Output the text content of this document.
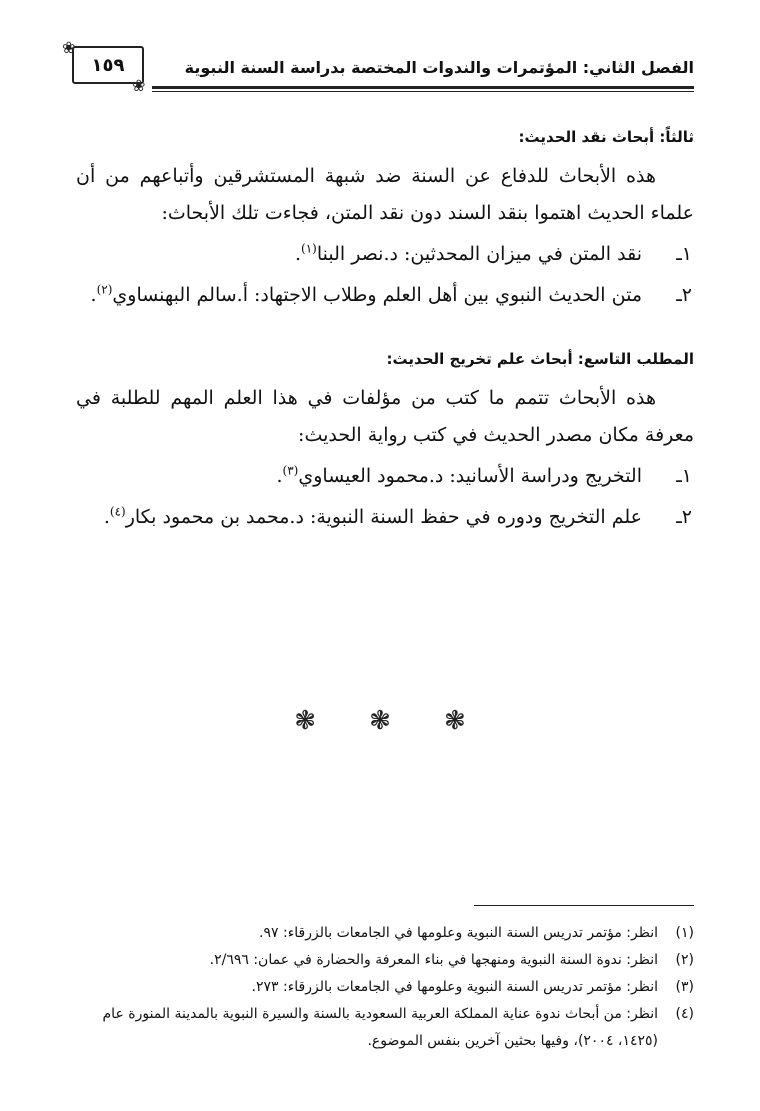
❀
١٥٩
❀
الفصل الثاني: المؤتمرات والندوات المختصة بدراسة السنة النبوية
ثالثاً: أبحاث نقد الحديث:

هذه الأبحاث للدفاع عن السنة ضد شبهة المستشرقين وأتباعهم من أن علماء الحديث اهتموا بنقد السند دون نقد المتن، فجاءت تلك الأبحاث:

١ـ
نقد المتن في ميزان المحدثين: د.نصر البنا$^{(١)}$.
٢ـ
متن الحديث النبوي بين أهل العلم وطلاب الاجتهاد: أ.سالم البهنساوي$^{(٢)}$.
المطلب التاسع: أبحاث علم تخريج الحديث:

هذه الأبحاث تتمم ما كتب من مؤلفات في هذا العلم المهم للطلبة في معرفة مكان مصدر الحديث في كتب رواية الحديث:

١ـ
التخريج ودراسة الأسانيد: د.محمود العيساوي$^{(٣)}$.
٢ـ
علم التخريج ودوره في حفظ السنة النبوية: د.محمد بن محمود بكار$^{(٤)}$.
❃ ❃ ❃
(١)
انظر: مؤتمر تدريس السنة النبوية وعلومها في الجامعات بالزرقاء: ٩٧.
(٢)
انظر: ندوة السنة النبوية ومنهجها في بناء المعرفة والحضارة في عمان: ٢/٦٩٦.
(٣)
انظر: مؤتمر تدريس السنة النبوية وعلومها في الجامعات بالزرقاء: ٢٧٣.
(٤)
انظر: من أبحاث ندوة عناية المملكة العربية السعودية بالسنة والسيرة النبوية بالمدينة المنورة عام (١٤٢٥، ٢٠٠٤)، وفيها بحثين آخرين بنفس الموضوع.
